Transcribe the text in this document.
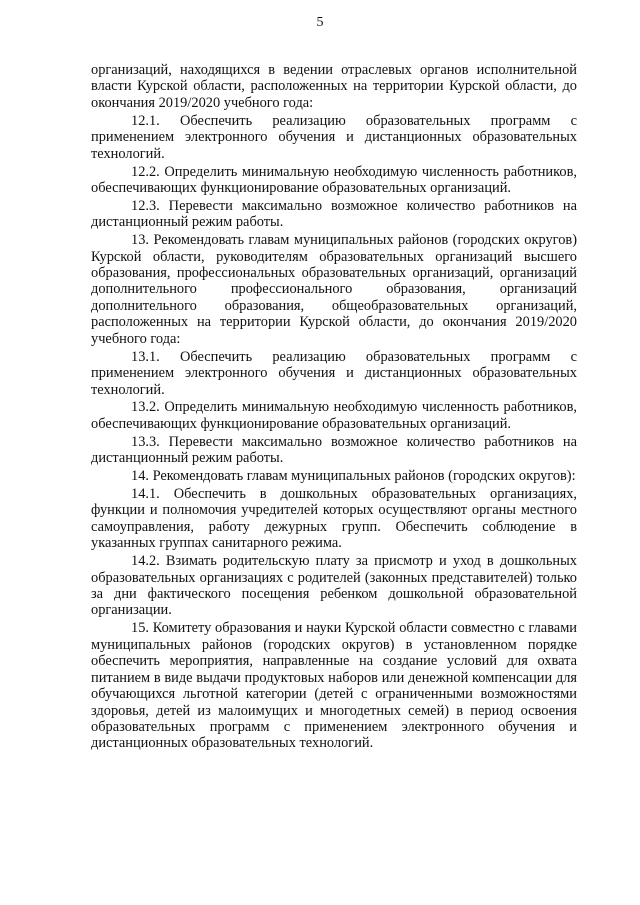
5

организаций, находящихся в ведении отраслевых органов исполнительной власти Курской области, расположенных на территории Курской области, до окончания 2019/2020 учебного года:

12.1. Обеспечить реализацию образовательных программ с применением электронного обучения и дистанционных образовательных технологий.

12.2. Определить минимальную необходимую численность работников, обеспечивающих функционирование образовательных организаций.

12.3. Перевести максимально возможное количество работников на дистанционный режим работы.

13. Рекомендовать главам муниципальных районов (городских округов) Курской области, руководителям образовательных организаций высшего образования, профессиональных образовательных организаций, организаций дополнительного профессионального образования, организаций дополнительного образования, общеобразовательных организаций, расположенных на территории Курской области, до окончания 2019/2020 учебного года:

13.1. Обеспечить реализацию образовательных программ с применением электронного обучения и дистанционных образовательных технологий.

13.2. Определить минимальную необходимую численность работников, обеспечивающих функционирование образовательных организаций.

13.3. Перевести максимально возможное количество работников на дистанционный режим работы.

14. Рекомендовать главам муниципальных районов (городских округов):

14.1. Обеспечить в дошкольных образовательных организациях, функции и полномочия учредителей которых осуществляют органы местного самоуправления, работу дежурных групп. Обеспечить соблюдение в указанных группах санитарного режима.

14.2. Взимать родительскую плату за присмотр и уход в дошкольных образовательных организациях с родителей (законных представителей) только за дни фактического посещения ребенком дошкольной образовательной организации.

15. Комитету образования и науки Курской области совместно с главами муниципальных районов (городских округов) в установленном порядке обеспечить мероприятия, направленные на создание условий для охвата питанием в виде выдачи продуктовых наборов или денежной компенсации для обучающихся льготной категории (детей с ограниченными возможностями здоровья, детей из малоимущих и многодетных семей) в период освоения образовательных программ с применением электронного обучения и дистанционных образовательных технологий.
